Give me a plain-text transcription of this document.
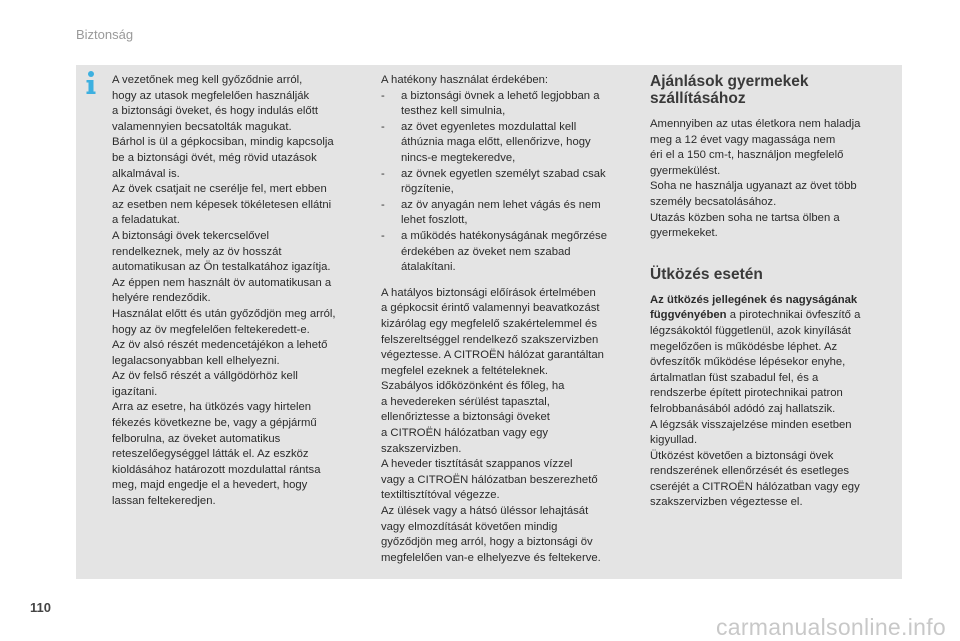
Biztonság

A vezetőnek meg kell győződnie arról,

hogy az utasok megfelelően használják

a biztonsági öveket, és hogy indulás előtt

valamennyien becsatolták magukat.

Bárhol is ül a gépkocsiban, mindig kapcsolja

be a biztonsági övét, még rövid utazások

alkalmával is.

Az övek csatjait ne cserélje fel, mert ebben

az esetben nem képesek tökéletesen ellátni

a feladatukat.

A biztonsági övek tekercselővel

rendelkeznek, mely az öv hosszát

automatikusan az Ön testalkatához igazítja.

Az éppen nem használt öv automatikusan a

helyére rendeződik.

Használat előtt és után győződjön meg arról,

hogy az öv megfelelően feltekeredett-e.

Az öv alsó részét medencetájékon a lehető

legalacsonyabban kell elhelyezni.

Az öv felső részét a vállgödörhöz kell

igazítani.

Arra az esetre, ha ütközés vagy hirtelen

fékezés következne be, vagy a gépjármű

felborulna, az öveket automatikus

reteszelőegységgel látták el. Az eszköz

kioldásához határozott mozdulattal rántsa

meg, majd engedje el a hevedert, hogy

lassan feltekeredjen.

A hatékony használat érdekében:

- a biztonsági övnek a lehető legjobban a
testhez kell simulnia,
- az övet egyenletes mozdulattal kell
áthúznia maga előtt, ellenőrizve, hogy
nincs-e megtekeredve,
- az övnek egyetlen személyt szabad csak
rögzítenie,
- az öv anyagán nem lehet vágás és nem
lehet foszlott,
- a működés hatékonyságának megőrzése
érdekében az öveket nem szabad
átalakítani.

A hatályos biztonsági előírások értelmében

a gépkocsit érintő valamennyi beavatkozást

kizárólag egy megfelelő szakértelemmel és

felszereltséggel rendelkező szakszervizben

végeztesse. A CITROËN hálózat garantáltan

megfelel ezeknek a feltételeknek.

Szabályos időközönként és főleg, ha

a hevedereken sérülést tapasztal,

ellenőriztesse a biztonsági öveket

a CITROËN hálózatban vagy egy

szakszervizben.

A heveder tisztítását szappanos vízzel

vagy a CITROËN hálózatban beszerezhető

textiltisztítóval végezze.

Az ülések vagy a hátsó üléssor lehajtását

vagy elmozdítását követően mindig

győződjön meg arról, hogy a biztonsági öv

megfelelően van-e elhelyezve és feltekerve.

Ajánlások gyermekek
szállításához

Amennyiben az utas életkora nem haladja

meg a 12 évet vagy magassága nem

éri el a 150 cm-t, használjon megfelelő

gyermekülést.

Soha ne használja ugyanazt az övet több

személy becsatolásához.

Utazás közben soha ne tartsa ölben a

gyermekeket.

Ütközés esetén

Az ütközés jellegének és nagyságának

függvényében a pirotechnikai övfeszítő a

légzsákoktól függetlenül, azok kinyílását

megelőzően is működésbe léphet. Az

övfeszítők működése lépésekor enyhe,

ártalmatlan füst szabadul fel, és a

rendszerbe épített pirotechnikai patron

felrobbanásából adódó zaj hallatszik.

A légzsák visszajelzése minden esetben

kigyullad.

Ütközést követően a biztonsági övek

rendszerének ellenőrzését és esetleges

cseréjét a CITROËN hálózatban vagy egy

szakszervizben végeztesse el.

110
carmanualsonline.info
